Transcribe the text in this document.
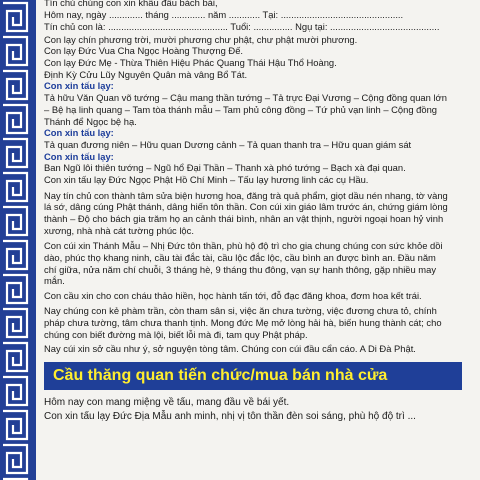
Tín chủ chúng con xin khấu đầu bách bái,
Hôm nay, ngày ............. tháng ............. năm ............ Tại: ...............................................
Tín chủ con là: .............................................. Tuổi: ............... Ngụ tại: ..........................................
Con lạy chín phương trời, mười phương chư phật, chư phật mười phương.
Con lạy Đức Vua Cha Ngọc Hoàng Thượng Đế.
Con lạy Đức Mẹ - Thừa Thiên Hiệu Phác Quang Thái Hậu Thổ Hoàng.
Định Kỳ Cửu Lũy Nguyên Quân mà vâng Bổ Tát.
Con xin tấu lạy:
Tả hữu Văn Quan võ tướng – Cậu mang thần tướng – Tả trực Đại Vương – Cộng đồng quan lớn
– Bệ hạ linh quang – Tam tòa thánh mẫu – Tam phủ công đồng – Tứ phủ vạn linh – Cộng đồng
Thánh để Ngọc bệ hạ.
Con xin tấu lạy:
Tả quan đương niên – Hữu quan Dương cảnh – Tả quan thanh tra – Hữu quan giám sát
Con xin tấu lạy:
Ban Ngũ lôi thiên tướng – Ngũ hổ Đại Thần – Thanh xà phó tướng – Bạch xà đại quan.
Con xin tấu lạy Đức Ngọc Phật Hồ Chí Minh – Tấu lạy hương linh các cụ Hầu.
Nay tín chủ con thành tâm sửa biện hương hoa, đăng trà quả phẩm, giọt dầu nén nhang, tờ vàng
lá sớ, dâng cúng Phật thánh, dâng hiến tôn thần. Con cúi xin giáo lâm trước án, chứng giám lòng
thành – Độ cho bách gia trăm họ an cảnh thái bình, nhân an vật thịnh, người ngoại hoan hỷ vinh
xương, nhà nhà cát tường phúc lộc.
Con cúi xin Thánh Mẫu – Nhị Đức tôn thần, phù hộ độ trì cho gia chung chúng con sức khỏe dồi
dào, phúc thọ khang ninh, cầu tài đắc tài, cầu lộc đắc lộc, cầu bình an được bình an. Đầu năm
chí giữa, nửa năm chí chuỗi, 3 tháng hè, 9 tháng thu đông, vạn sự hanh thông, gặp nhiều may
mắn.
Con cầu xin cho con cháu thảo hiền, học hành tấn tới, đỗ đạc đăng khoa, đơm hoa kết trái.
Nay chúng con kẻ phàm trần, còn tham sân si, việc ăn chưa tường, việc đương chưa tỏ, chính
pháp chưa tường, tâm chưa thanh tịnh. Mong đức Mẹ mở lòng hải hà, biến hung thành cát; cho
chúng con biết đường mà lội, biết lỗi mà đi, tam quy Phật pháp.
Nay cúi xin sở cầu như ý, sở nguyện tòng tâm. Chúng con cúi đầu cẩn cáo. A Di Đà Phật.
Cầu thăng quan tiến chức/mua bán nhà cửa
Hôm nay con mang miệng về tấu, mang đầu về bái yết.
Con xin tấu lạy Đức Địa Mẫu anh minh, nhị vị tôn thần đèn soi sáng, phù hộ độ trì ...
